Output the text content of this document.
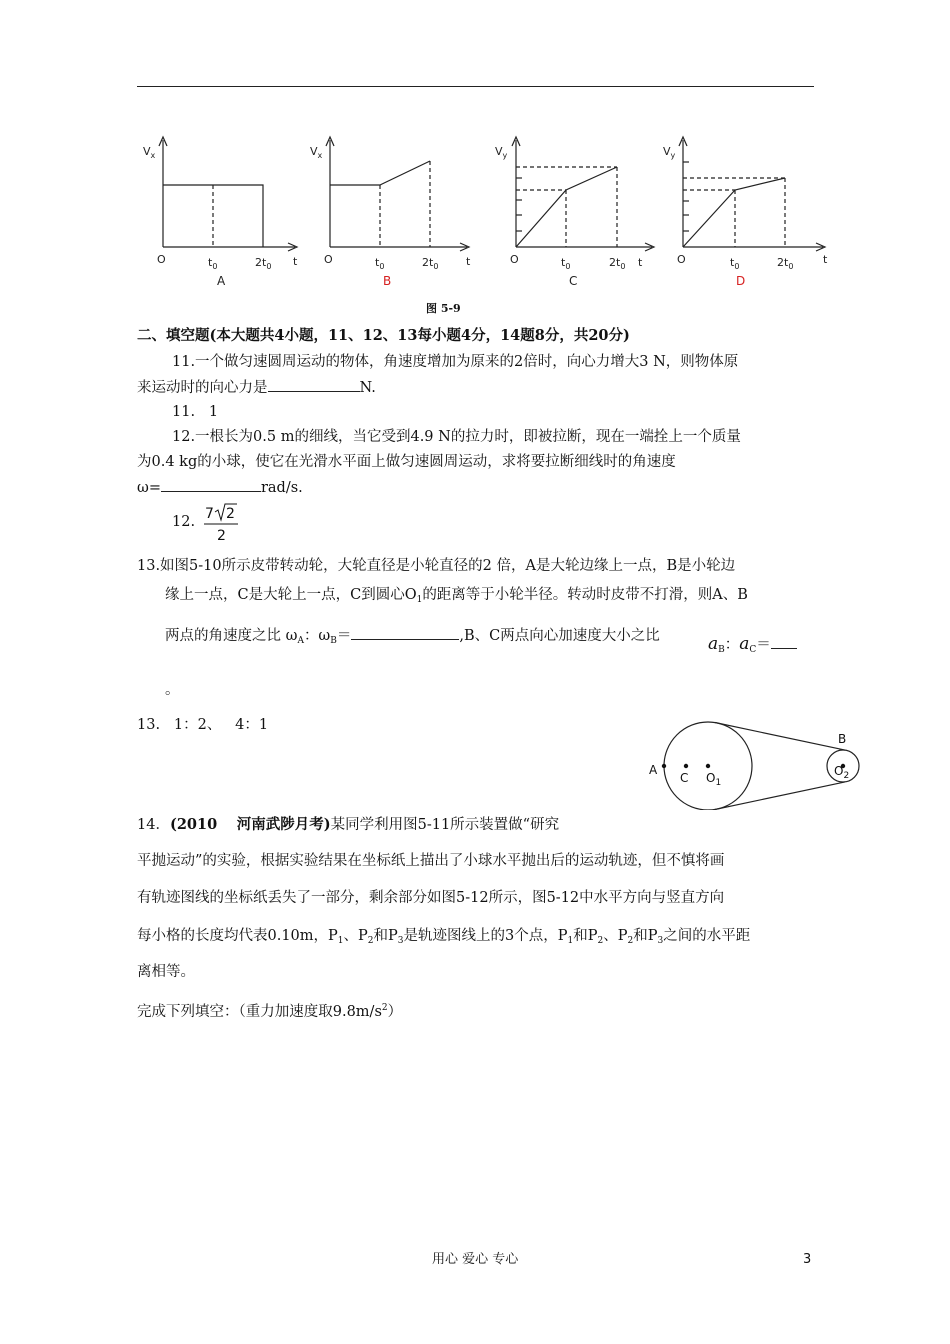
$V_x$
O	$t_0$	$2t_0$ t
A
$V_x$
O	$t_0$	$2t_0$	t
B
$V_y$
O	$t_0$	$2t_0$ t
C
$V_y$
O	$t_0$	$2t_0$
t
D
图 5-9
二、填空题(本大题共4小题，11、12、13每小题4分，14题8分，共20分)
11.一个做匀速圆周运动的物体，角速度增加为原来的2倍时，向心力增大3 N，则物体原
来运动时的向心力是	N.
11. 1
12.一根长为0.5 m的细线，当它受到4.9 N的拉力时，即被拉断，现在一端拴上一个质量
为0.4 kg的小球，使它在光滑水平面上做匀速圆周运动，求将要拉断细线时的角速度
ω=	rad/s.
12. 7 2
2
13.如图5-10所示皮带转动轮，大轮直径是小轮直径的2 倍，A是大轮边缘上一点，B是小轮边
缘上一点，C是大轮上一点，C到圆心$O_1$的距离等于小轮半径。转动时皮带不打滑，则A、B
两点的角速度之比 $\omega_A$：$\omega_B=$	,B、C两点向心加速度大小之比	$a_B$：$a_C=$
。
13.   1：2、   4：1
A
C $O_1$
B
$O_2$
14．(2010　 河南武陟月考)某同学利用图5-11所示装置做“研究
平抛运动”的实验，根据实验结果在坐标纸上描出了小球水平抛出后的运动轨迹，但不慎将画
有轨迹图线的坐标纸丢失了一部分，剩余部分如图5-12所示，图5-12中水平方向与竖直方向
每小格的长度均代表0.10m，$P_1$、$P_2$和$P_3$是轨迹图线上的3个点，$P_1$和$P_2$、$P_2$和$P_3$之间的水平距
离相等。
完成下列填空：（重力加速度取$9.8m/s^2$）
用心 爱心 专心	3
